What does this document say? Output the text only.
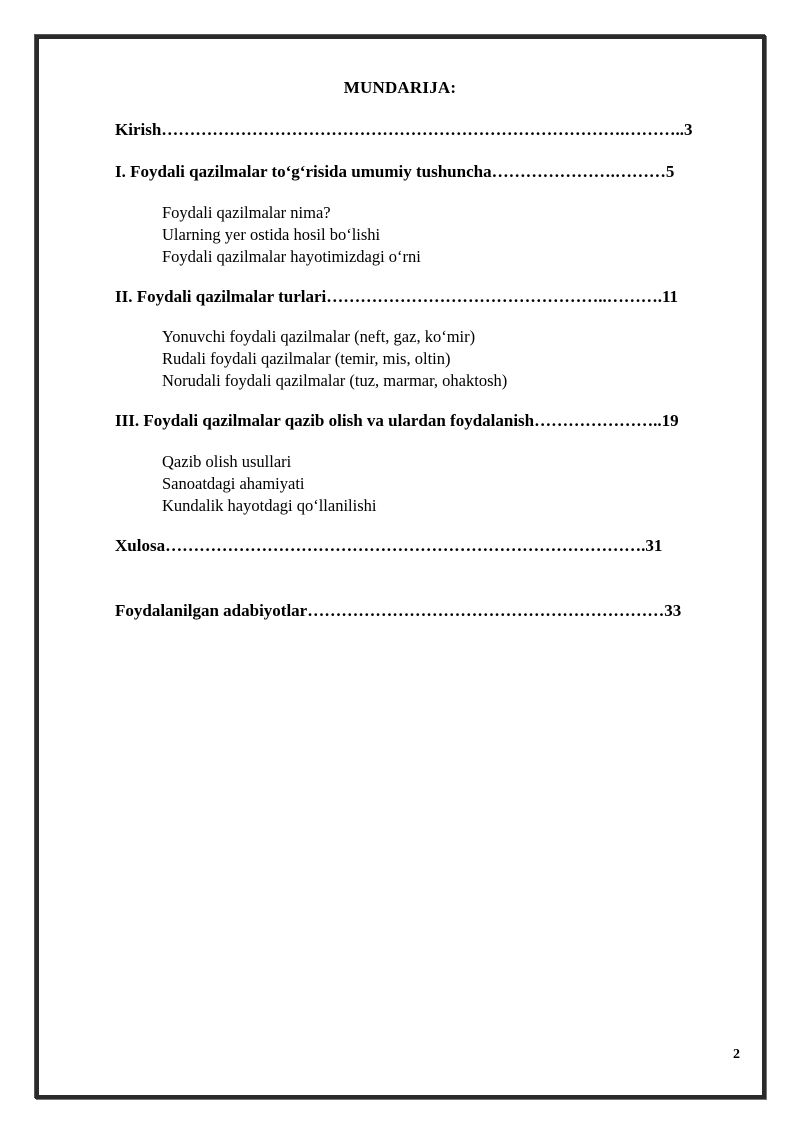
MUNDARIJA:
Kirish……………………………………………………………………….………..3
I. Foydali qazilmalar to‘g‘risida umumiy tushuncha………………….………5
Foydali qazilmalar nima?
Ularning yer ostida hosil bo‘lishi
Foydali qazilmalar hayotimizdagi o‘rni
II. Foydali qazilmalar turlari…………………………………………..……….11
Yonuvchi foydali qazilmalar (neft, gaz, ko‘mir)
Rudali foydali qazilmalar (temir, mis, oltin)
Norudali foydali qazilmalar (tuz, marmar, ohaktosh)
III. Foydali qazilmalar qazib olish va ulardan foydalanish…………………..19
Qazib olish usullari
Sanoatdagi ahamiyati
Kundalik hayotdagi qo‘llanilishi
Xulosa………………………………………………………………………….31
Foydalanilgan adabiyotlar………………………………………………………33
2
